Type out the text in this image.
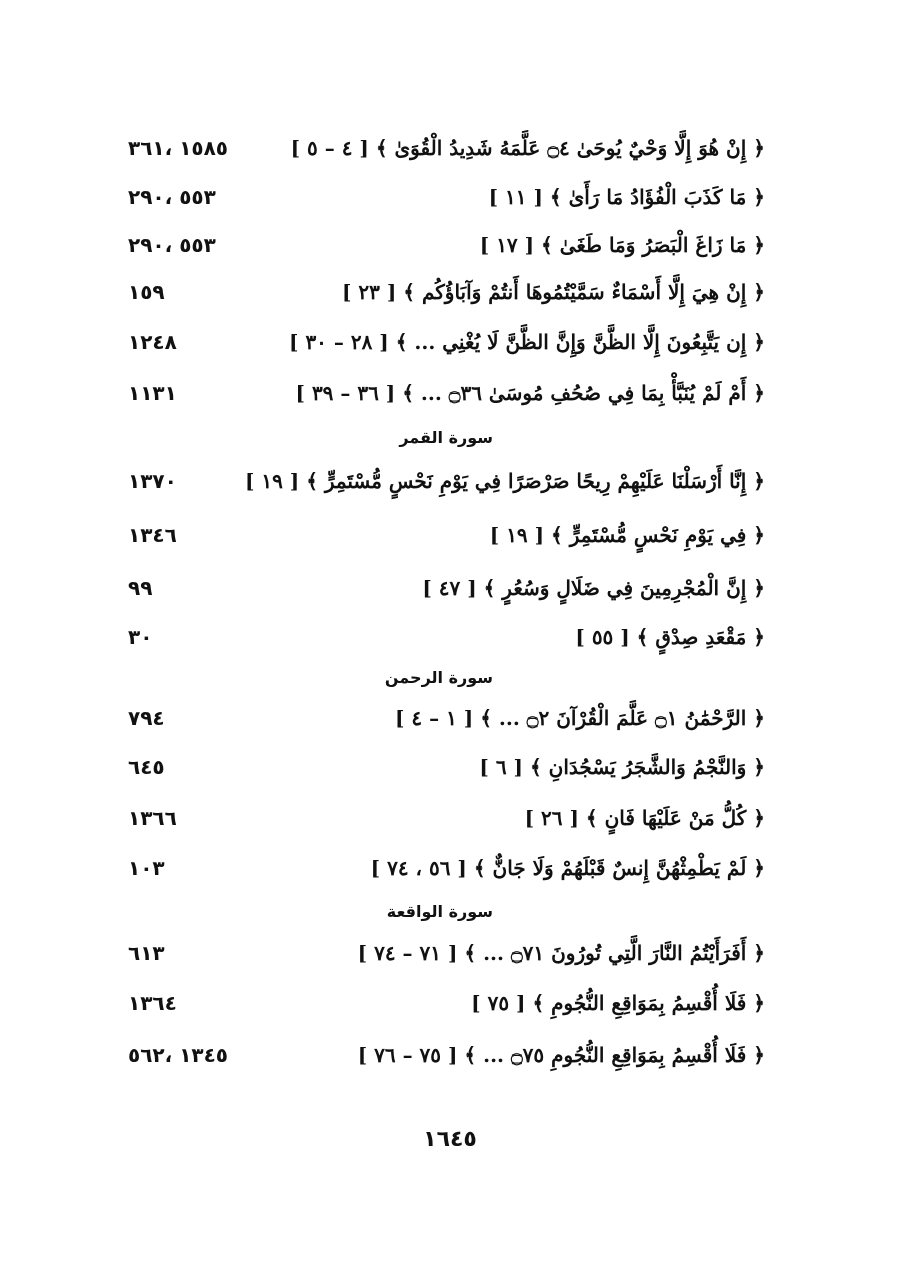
﴿ إِنْ هُوَ إِلَّا وَحْيٌ يُوحَىٰ ۝٤ عَلَّمَهُ شَدِيدُ الْقُوَىٰ ﴾ [ ٤ – ٥ ]
١٥٨٥ ،٣٦١
﴿ مَا كَذَبَ الْفُؤَادُ مَا رَأَىٰ ﴾ [ ١١ ]
٥٥٣ ،٢٩٠
﴿ مَا زَاغَ الْبَصَرُ وَمَا طَغَىٰ ﴾ [ ١٧ ]
٥٥٣ ،٢٩٠
﴿ إِنْ هِيَ إِلَّا أَسْمَاءٌ سَمَّيْتُمُوهَا أَنتُمْ وَآبَاؤُكُم ﴾ [ ٢٣ ]
١٥٩
﴿ إِن يَتَّبِعُونَ إِلَّا الظَّنَّ وَإِنَّ الظَّنَّ لَا يُغْنِي ... ﴾ [ ٢٨ – ٣٠ ]
١٢٤٨
﴿ أَمْ لَمْ يُنَبَّأْ بِمَا فِي صُحُفِ مُوسَىٰ ۝٣٦ ... ﴾ [ ٣٦ – ٣٩ ]
١١٣١
سورة القمر
﴿ إِنَّا أَرْسَلْنَا عَلَيْهِمْ رِيحًا صَرْصَرًا فِي يَوْمِ نَحْسٍ مُّسْتَمِرٍّ ﴾ [ ١٩ ]
١٣٧٠
﴿ فِي يَوْمِ نَحْسٍ مُّسْتَمِرٍّ ﴾ [ ١٩ ]
١٣٤٦
﴿ إِنَّ الْمُجْرِمِينَ فِي ضَلَالٍ وَسُعُرٍ ﴾ [ ٤٧ ]
٩٩
﴿ مَقْعَدِ صِدْقٍ ﴾ [ ٥٥ ]
٣٠
سورة الرحمن
﴿ الرَّحْمَٰنُ ۝١ عَلَّمَ الْقُرْآنَ ۝٢ ... ﴾ [ ١ – ٤ ]
٧٩٤
﴿ وَالنَّجْمُ وَالشَّجَرُ يَسْجُدَانِ ﴾ [ ٦ ]
٦٤٥
﴿ كُلُّ مَنْ عَلَيْهَا فَانٍ ﴾ [ ٢٦ ]
١٣٦٦
﴿ لَمْ يَطْمِثْهُنَّ إِنسٌ قَبْلَهُمْ وَلَا جَانٌّ ﴾ [ ٥٦ ، ٧٤ ]
١٠٣
سورة الواقعة
﴿ أَفَرَأَيْتُمُ النَّارَ الَّتِي تُورُونَ ۝٧١ ... ﴾ [ ٧١ – ٧٤ ]
٦١٣
﴿ فَلَا أُقْسِمُ بِمَوَاقِعِ النُّجُومِ ﴾ [ ٧٥ ]
١٣٦٤
﴿ فَلَا أُقْسِمُ بِمَوَاقِعِ النُّجُومِ ۝٧٥ ... ﴾ [ ٧٥ – ٧٦ ]
١٣٤٥ ،٥٦٢
١٦٤٥
